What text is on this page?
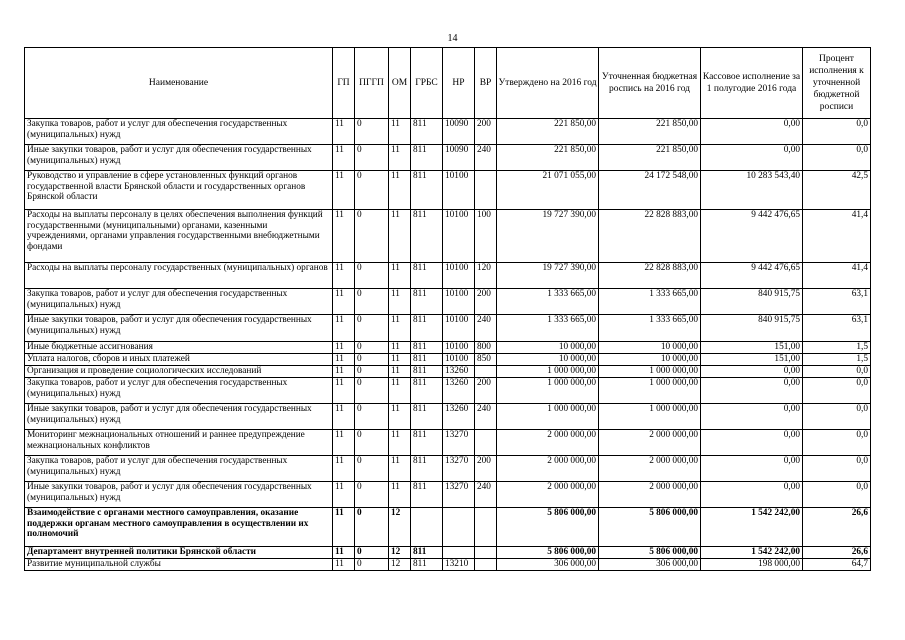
14
Наименование	ГП	ПГГП	ОМ	ГРБС	НР	ВР	Утверждено на 2016 год	Уточненная бюджетная роспись на 2016 год	Кассовое исполнение за 1 полугодие 2016 года	Процент исполнения к уточненной бюджетной росписи
Закупка товаров, работ и услуг для обеспечения государственных (муниципальных) нужд	11	0	11	811	10090	200	221 850,00	221 850,00	0,00	0,0
Иные закупки товаров, работ и услуг для обеспечения государственных (муниципальных) нужд	11	0	11	811	10090	240	221 850,00	221 850,00	0,00	0,0
Руководство и управление в сфере установленных функций органов государственной власти Брянской области и государственных органов Брянской области	11	0	11	811	10100		21 071 055,00	24 172 548,00	10 283 543,40	42,5
Расходы на выплаты персоналу в целях обеспечения выполнения функций государственными (муниципальными) органами, казенными учреждениями, органами управления государственными внебюджетными фондами	11	0	11	811	10100	100	19 727 390,00	22 828 883,00	9 442 476,65	41,4
Расходы на выплаты персоналу государственных (муниципальных) органов	11	0	11	811	10100	120	19 727 390,00	22 828 883,00	9 442 476,65	41,4
Закупка товаров, работ и услуг для обеспечения государственных (муниципальных) нужд	11	0	11	811	10100	200	1 333 665,00	1 333 665,00	840 915,75	63,1
Иные закупки товаров, работ и услуг для обеспечения государственных (муниципальных) нужд	11	0	11	811	10100	240	1 333 665,00	1 333 665,00	840 915,75	63,1
Иные бюджетные ассигнования	11	0	11	811	10100	800	10 000,00	10 000,00	151,00	1,5
Уплата налогов, сборов и иных платежей	11	0	11	811	10100	850	10 000,00	10 000,00	151,00	1,5
Организация и проведение социологических исследований	11	0	11	811	13260		1 000 000,00	1 000 000,00	0,00	0,0
Закупка товаров, работ и услуг для обеспечения государственных (муниципальных) нужд	11	0	11	811	13260	200	1 000 000,00	1 000 000,00	0,00	0,0
Иные закупки товаров, работ и услуг для обеспечения государственных (муниципальных) нужд	11	0	11	811	13260	240	1 000 000,00	1 000 000,00	0,00	0,0
Мониторинг межнациональных отношений и раннее предупреждение межнациональных конфликтов	11	0	11	811	13270		2 000 000,00	2 000 000,00	0,00	0,0
Закупка товаров, работ и услуг для обеспечения государственных (муниципальных) нужд	11	0	11	811	13270	200	2 000 000,00	2 000 000,00	0,00	0,0
Иные закупки товаров, работ и услуг для обеспечения государственных (муниципальных) нужд	11	0	11	811	13270	240	2 000 000,00	2 000 000,00	0,00	0,0
Взаимодействие с органами местного самоуправления, оказание поддержки органам местного самоуправления в осуществлении их полномочий	11	0	12				5 806 000,00	5 806 000,00	1 542 242,00	26,6
Департамент внутренней политики Брянской области	11	0	12	811			5 806 000,00	5 806 000,00	1 542 242,00	26,6
Развитие муниципальной службы	11	0	12	811	13210		306 000,00	306 000,00	198 000,00	64,7
